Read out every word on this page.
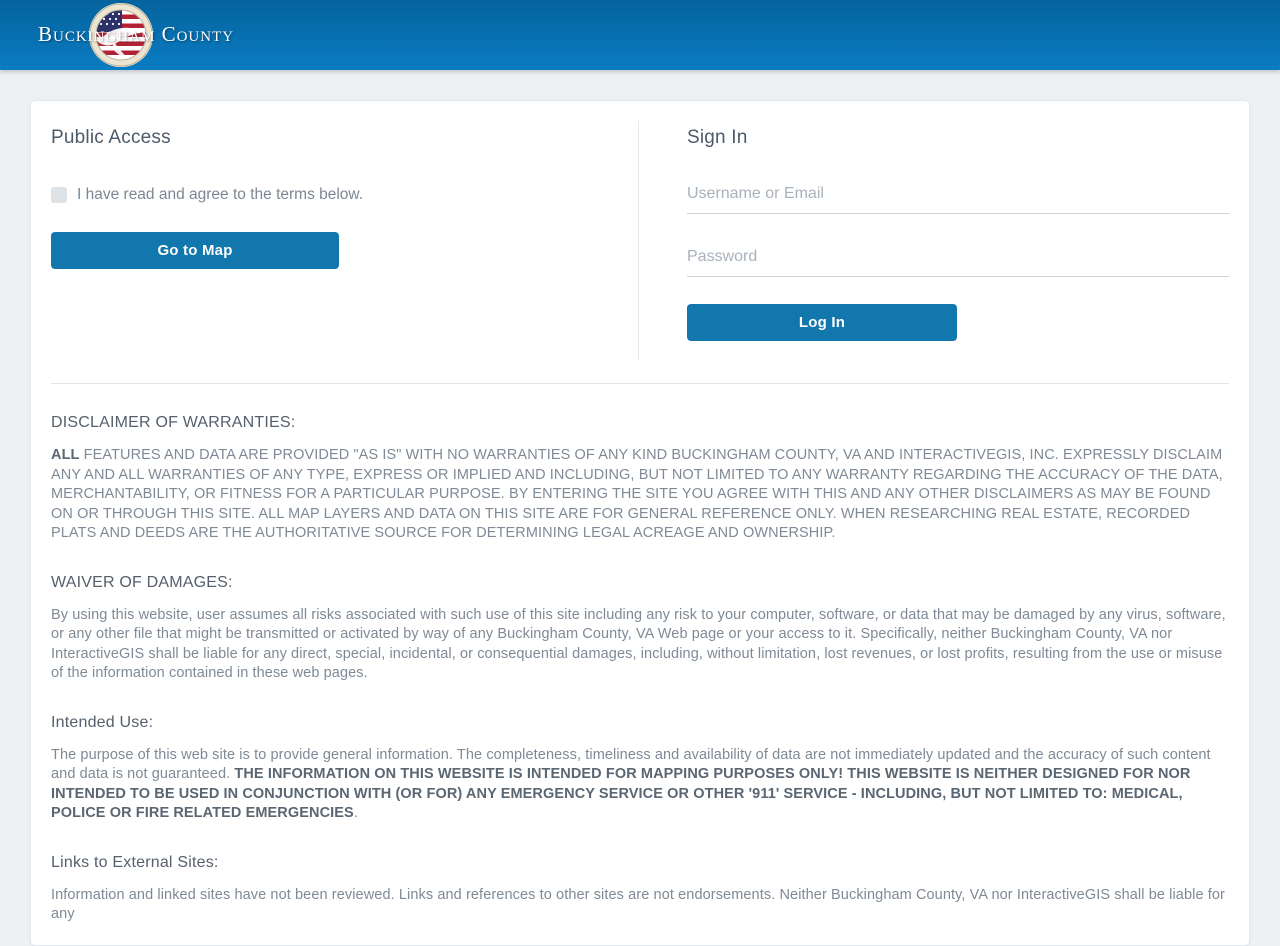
Buckingham County
Public Access
I have read and agree to the terms below.
Go to Map
Sign In
Username or Email
Log In
DISCLAIMER OF WARRANTIES:

ALL FEATURES AND DATA ARE PROVIDED "AS IS" WITH NO WARRANTIES OF ANY KIND BUCKINGHAM COUNTY, VA AND INTERACTIVEGIS, INC. EXPRESSLY DISCLAIM ANY AND ALL WARRANTIES OF ANY TYPE, EXPRESS OR IMPLIED AND INCLUDING, BUT NOT LIMITED TO ANY WARRANTY REGARDING THE ACCURACY OF THE DATA, MERCHANTABILITY, OR FITNESS FOR A PARTICULAR PURPOSE. BY ENTERING THE SITE YOU AGREE WITH THIS AND ANY OTHER DISCLAIMERS AS MAY BE FOUND ON OR THROUGH THIS SITE. ALL MAP LAYERS AND DATA ON THIS SITE ARE FOR GENERAL REFERENCE ONLY. WHEN RESEARCHING REAL ESTATE, RECORDED PLATS AND DEEDS ARE THE AUTHORITATIVE SOURCE FOR DETERMINING LEGAL ACREAGE AND OWNERSHIP.

WAIVER OF DAMAGES:

By using this website, user assumes all risks associated with such use of this site including any risk to your computer, software, or data that may be damaged by any virus, software, or any other file that might be transmitted or activated by way of any Buckingham County, VA Web page or your access to it. Specifically, neither Buckingham County, VA nor InteractiveGIS shall be liable for any direct, special, incidental, or consequential damages, including, without limitation, lost revenues, or lost profits, resulting from the use or misuse of the information contained in these web pages.

Intended Use:

The purpose of this web site is to provide general information. The completeness, timeliness and availability of data are not immediately updated and the accuracy of such content and data is not guaranteed. THE INFORMATION ON THIS WEBSITE IS INTENDED FOR MAPPING PURPOSES ONLY! THIS WEBSITE IS NEITHER DESIGNED FOR NOR INTENDED TO BE USED IN CONJUNCTION WITH (OR FOR) ANY EMERGENCY SERVICE OR OTHER '911' SERVICE - INCLUDING, BUT NOT LIMITED TO: MEDICAL, POLICE OR FIRE RELATED EMERGENCIES.

Links to External Sites:

Information and linked sites have not been reviewed. Links and references to other sites are not endorsements. Neither Buckingham County, VA nor InteractiveGIS shall be liable for any
